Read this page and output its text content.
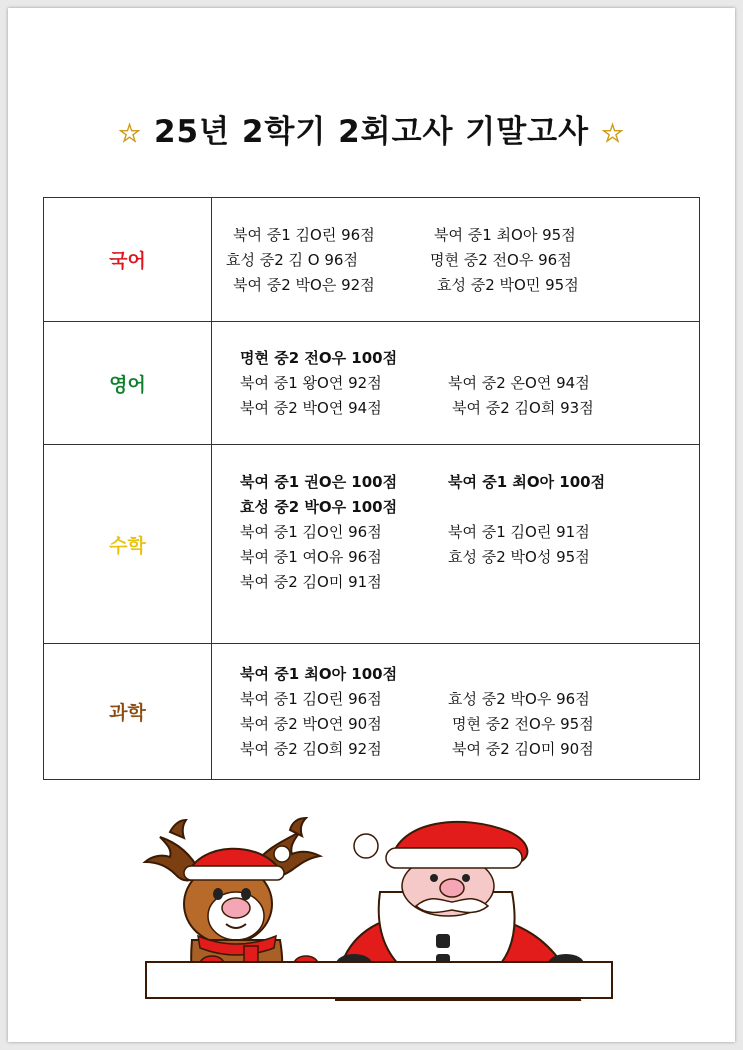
☆ 25년 2학기 2회고사 기말고사 ☆
국어
북여 중1 김O린 96점	북여 중1 최O아 95점
효성 중2 김 O 96점	명현 중2 전O우 96점
북여 중2 박O은 92점	효성 중2 박O민 95점
영어
명현 중2 전O우 100점
북여 중1 왕O연 92점	북여 중2 온O연 94점
북여 중2 박O연 94점	북여 중2 김O희 93점
수학
북여 중1 권O은 100점	북여 중1 최O아 100점
효성 중2 박O우 100점
북여 중1 김O인 96점	북여 중1 김O린 91점
북여 중1 여O유 96점	효성 중2 박O성 95점
북여 중2 김O미 91점
과학
북여 중1 최O아 100점
북여 중1 김O린 96점	효성 중2 박O우 96점
북여 중2 박O연 90점	명현 중2 전O우 95점
북여 중2 김O희 92점	북여 중2 김O미 90점
